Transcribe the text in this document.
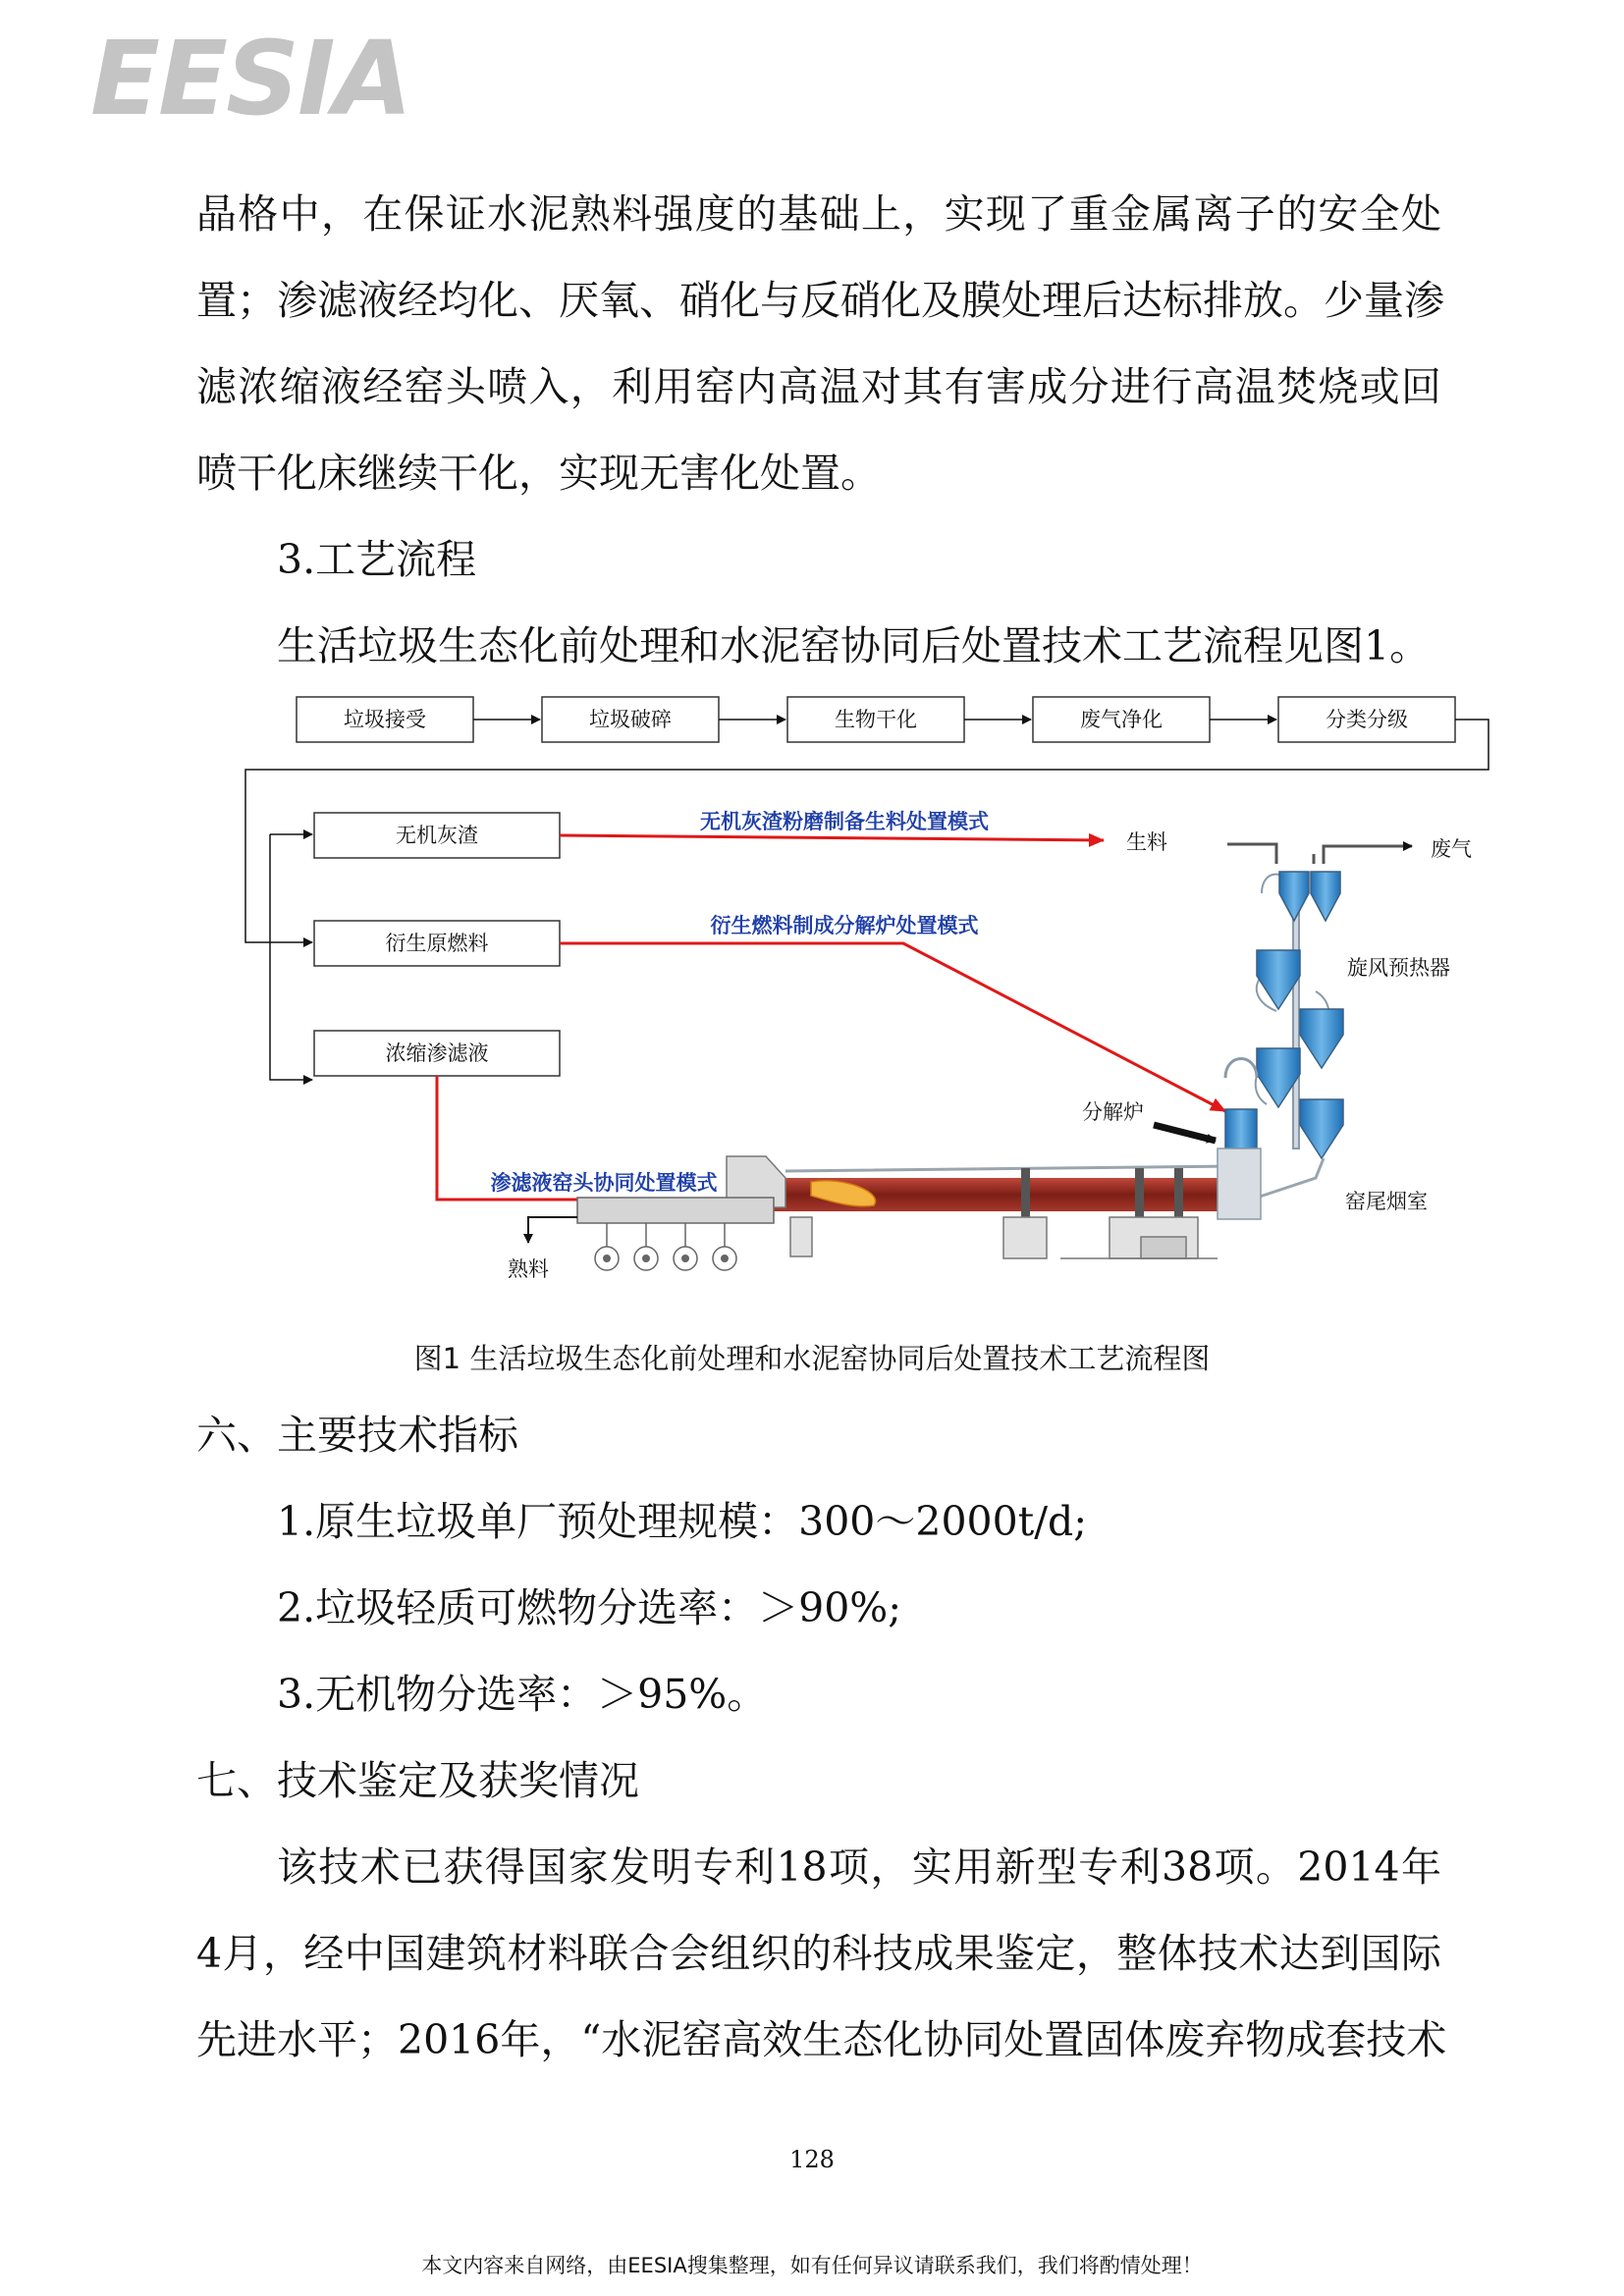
EESIA
晶格中，在保证水泥熟料强度的基础上，实现了重金属离子的安全处
置；渗滤液经均化、厌氧、硝化与反硝化及膜处理后达标排放。少量渗
滤浓缩液经窑头喷入，利用窑内高温对其有害成分进行高温焚烧或回
喷干化床继续干化，实现无害化处置。
3.工艺流程
生活垃圾生态化前处理和水泥窑协同后处置技术工艺流程见图1。
垃圾接受	垃圾破碎	生物干化	废气净化	分类分级
无机灰渣
衍生原燃料
浓缩渗滤液
无机灰渣粉磨制备生料处置模式
衍生燃料制成分解炉处置模式
渗滤液窑头协同处置模式
生料	废气
旋风预热器
分解炉
窑尾烟室
熟料
图1 生活垃圾生态化前处理和水泥窑协同后处置技术工艺流程图
六、主要技术指标
1.原生垃圾单厂预处理规模：300～2000t/d;
2.垃圾轻质可燃物分选率：＞90%;
3.无机物分选率：＞95%。
七、技术鉴定及获奖情况
该技术已获得国家发明专利18项，实用新型专利38项。2014年
4月，经中国建筑材料联合会组织的科技成果鉴定，整体技术达到国际
先进水平；2016年，“水泥窑高效生态化协同处置固体废弃物成套技术
128
本文内容来自网络，由EESIA搜集整理，如有任何异议请联系我们，我们将酌情处理！
